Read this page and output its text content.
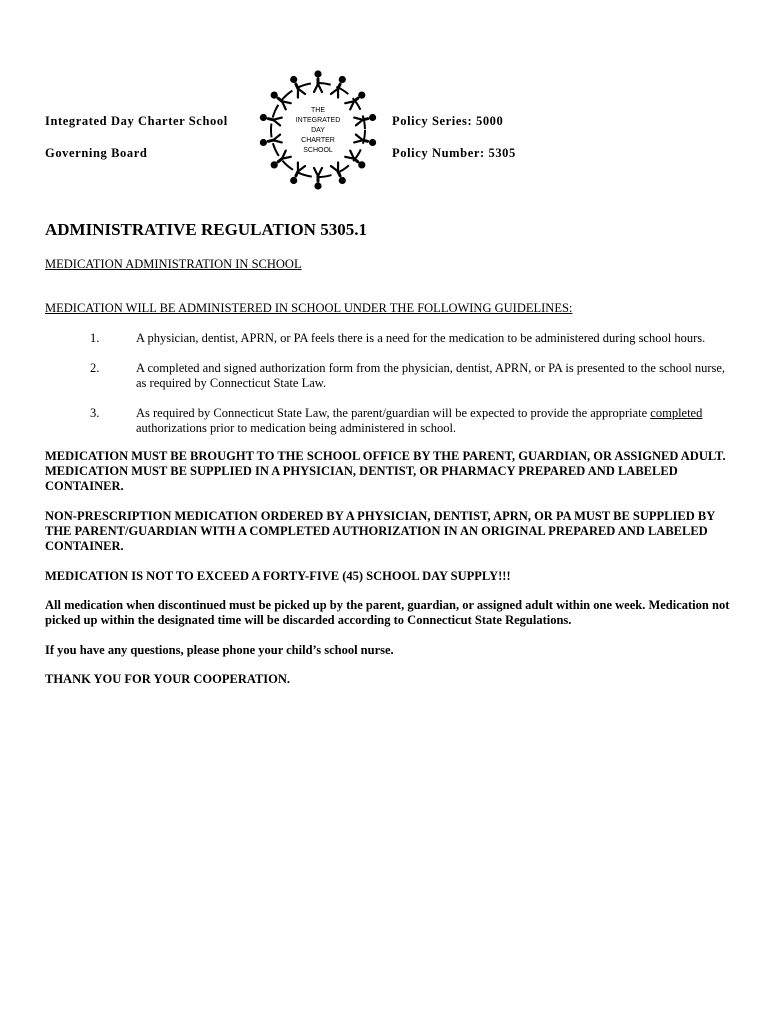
Integrated Day Charter School
Governing Board
Policy Series: 5000
Policy Number: 5305
THE
INTEGRATED
DAY
CHARTER
SCHOOL
ADMINISTRATIVE REGULATION 5305.1
MEDICATION ADMINISTRATION IN SCHOOL
MEDICATION WILL BE ADMINISTERED IN SCHOOL UNDER THE FOLLOWING GUIDELINES:
1.	A physician, dentist, APRN, or PA feels there is a need for the medication to be administered during school hours.
2.	A completed and signed authorization form from the physician, dentist, APRN, or PA is presented to the school nurse, as required by Connecticut State Law.
3.	As required by Connecticut State Law, the parent/guardian will be expected to provide the appropriate completed authorizations prior to medication being administered in school.
MEDICATION MUST BE BROUGHT TO THE SCHOOL OFFICE BY THE PARENT, GUARDIAN, OR ASSIGNED ADULT. MEDICATION MUST BE SUPPLIED IN A PHYSICIAN, DENTIST, OR PHARMACY PREPARED AND LABELED CONTAINER.
NON-PRESCRIPTION MEDICATION ORDERED BY A PHYSICIAN, DENTIST, APRN, OR PA MUST BE SUPPLIED BY THE PARENT/GUARDIAN WITH A COMPLETED AUTHORIZATION IN AN ORIGINAL PREPARED AND LABELED CONTAINER.
MEDICATION IS NOT TO EXCEED A FORTY-FIVE (45) SCHOOL DAY SUPPLY!!!
All medication when discontinued must be picked up by the parent, guardian, or assigned adult within one week. Medication not picked up within the designated time will be discarded according to Connecticut State Regulations.
If you have any questions, please phone your child’s school nurse.
THANK YOU FOR YOUR COOPERATION.
